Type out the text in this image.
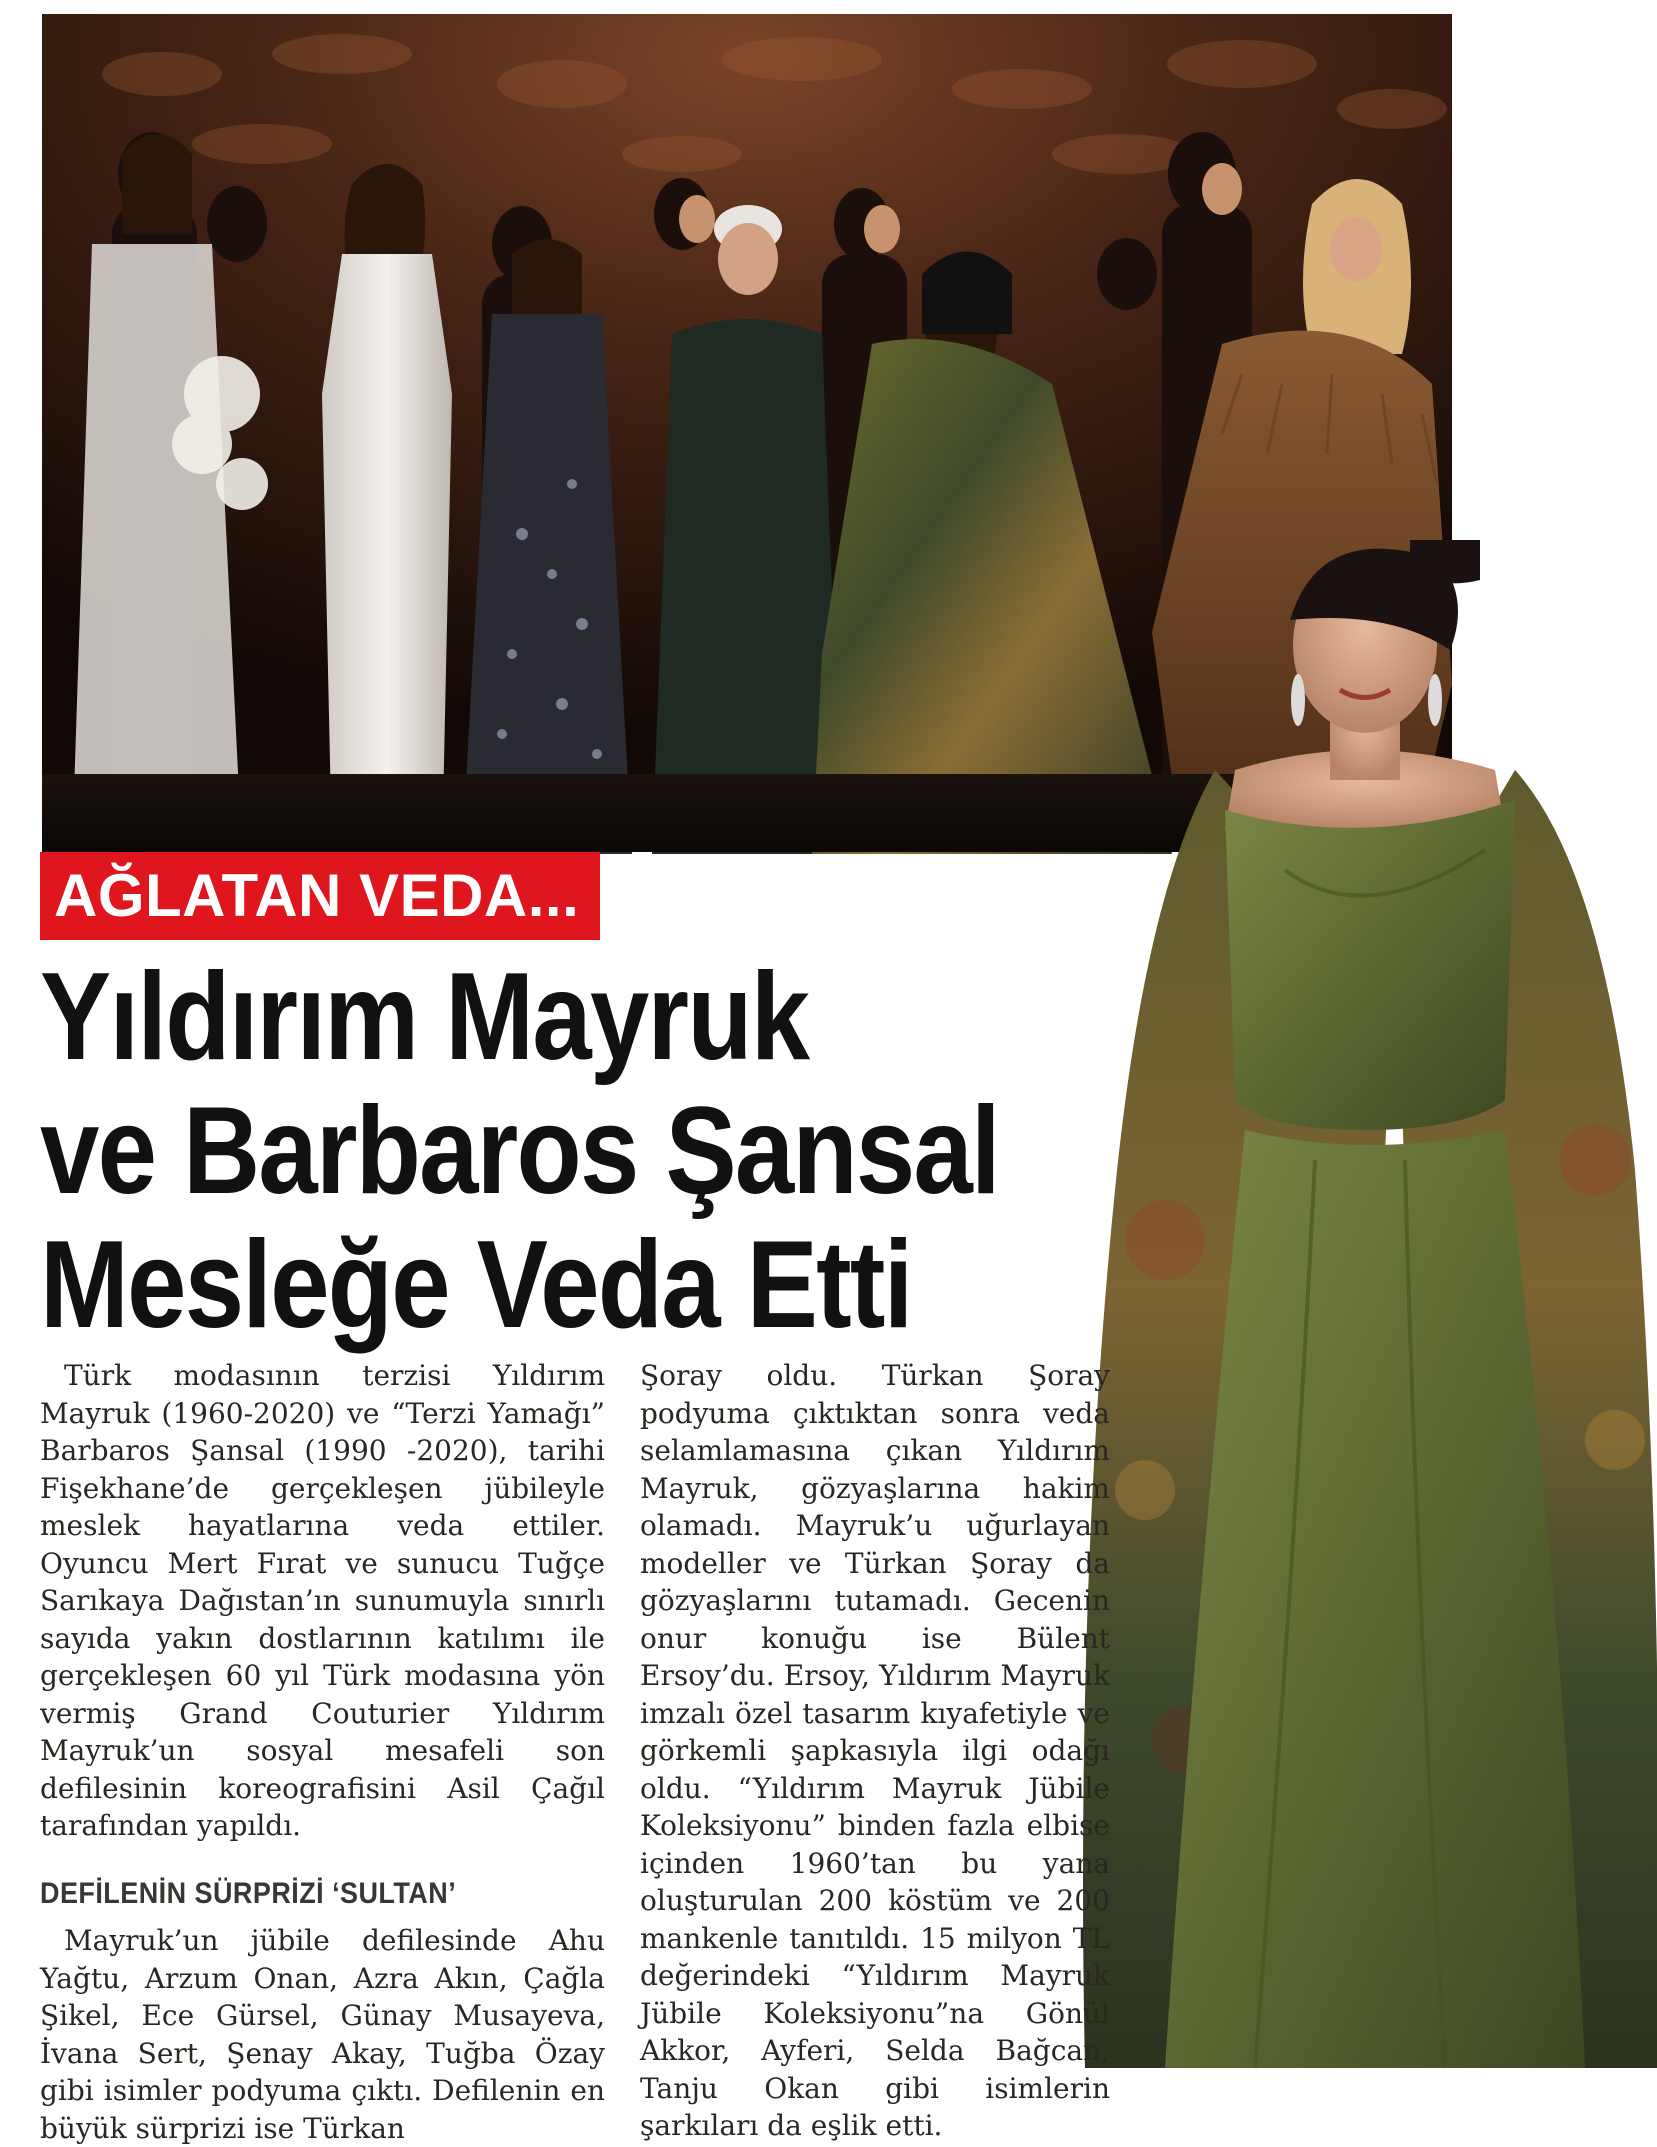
AĞLATAN VEDA...
Yıldırım Mayruk
ve Barbaros Şansal
Mesleğe Veda Etti

Türk modasının terzisi Yıldırım Mayruk (1960-2020) ve “Terzi Yamağı” Barbaros Şansal (1990 -2020), tarihi Fişekhane’de gerçekleşen jübileyle meslek hayatlarına veda ettiler. Oyuncu Mert Fırat ve sunucu Tuğçe Sarıkaya Dağıstan’ın sunumuyla sınırlı sayıda yakın dostlarının katılımı ile gerçekleşen 60 yıl Türk modasına yön vermiş Grand Couturier Yıldırım Mayruk’un sosyal mesafeli son defilesinin koreografisini Asil Çağıl tarafından yapıldı.

DEFİLENİN SÜRPRİZİ ‘SULTAN’

Mayruk’un jübile defilesinde Ahu Yağtu, Arzum Onan, Azra Akın, Çağla Şikel, Ece Gürsel, Günay Musayeva, İvana Sert, Şenay Akay, Tuğba Özay gibi isimler podyuma çıktı. Defilenin en büyük sürprizi ise Türkan

Şoray oldu. Türkan Şoray podyuma çıktıktan sonra veda selamlamasına çıkan Yıldırım Mayruk, gözyaşlarına hakim olamadı. Mayruk’u uğurlayan modeller ve Türkan Şoray da gözyaşlarını tutamadı. Gecenin onur konuğu ise Bülent Ersoy’du. Ersoy, Yıldırım Mayruk imzalı özel tasarım kıyafetiyle ve görkemli şapkasıyla ilgi odağı oldu. “Yıldırım Mayruk Jübile Koleksiyonu” binden fazla elbise içinden 1960’tan bu yana oluşturulan 200 köstüm ve 200 mankenle tanıtıldı. 15 milyon TL değerindeki “Yıldırım Mayruk Jübile Koleksiyonu”na Gönül Akkor, Ayferi, Selda Bağcan, Tanju Okan gibi isimlerin şarkıları da eşlik etti.
